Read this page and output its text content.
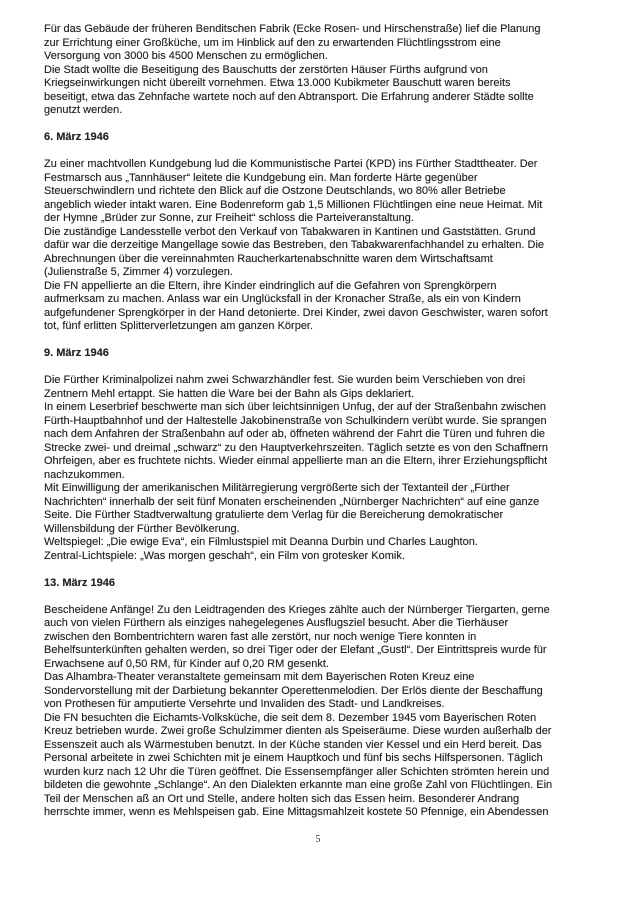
Für das Gebäude der früheren Benditschen Fabrik (Ecke Rosen- und Hirschenstraße) lief die Planung
zur Errichtung einer Großküche, um im Hinblick auf den zu erwartenden Flüchtlingsstrom eine
Versorgung von 3000 bis 4500 Menschen zu ermöglichen.
Die Stadt wollte die Beseitigung des Bauschutts der zerstörten Häuser Fürths aufgrund von
Kriegseinwirkungen nicht übereilt vornehmen. Etwa 13.000 Kubikmeter Bauschutt waren bereits
beseitigt, etwa das Zehnfache wartete noch auf den Abtransport. Die Erfahrung anderer Städte sollte
genutzt werden.
6. März 1946
Zu einer machtvollen Kundgebung lud die Kommunistische Partei (KPD) ins Fürther Stadttheater. Der
Festmarsch aus „Tannhäuser“ leitete die Kundgebung ein. Man forderte Härte gegenüber
Steuerschwindlern und richtete den Blick auf die Ostzone Deutschlands, wo 80% aller Betriebe
angeblich wieder intakt waren. Eine Bodenreform gab 1,5 Millionen Flüchtlingen eine neue Heimat. Mit
der Hymne „Brüder zur Sonne, zur Freiheit“ schloss die Parteiveranstaltung.
Die zuständige Landesstelle verbot den Verkauf von Tabakwaren in Kantinen und Gaststätten. Grund
dafür war die derzeitige Mangellage sowie das Bestreben, den Tabakwarenfachhandel zu erhalten. Die
Abrechnungen über die vereinnahmten Raucherkartenabschnitte waren dem Wirtschaftsamt
(Julienstraße 5, Zimmer 4) vorzulegen.
Die FN appellierte an die Eltern, ihre Kinder eindringlich auf die Gefahren von Sprengkörpern
aufmerksam zu machen. Anlass war ein Unglücksfall in der Kronacher Straße, als ein von Kindern
aufgefundener Sprengkörper in der Hand detonierte. Drei Kinder, zwei davon Geschwister, waren sofort
tot, fünf erlitten Splitterverletzungen am ganzen Körper.
9. März 1946
Die Fürther Kriminalpolizei nahm zwei Schwarzhändler fest. Sie wurden beim Verschieben von drei
Zentnern Mehl ertappt. Sie hatten die Ware bei der Bahn als Gips deklariert.
In einem Leserbrief beschwerte man sich über leichtsinnigen Unfug, der auf der Straßenbahn zwischen
Fürth-Hauptbahnhof und der Haltestelle Jakobinenstraße von Schulkindern verübt wurde. Sie sprangen
nach dem Anfahren der Straßenbahn auf oder ab, öffneten während der Fahrt die Türen und fuhren die
Strecke zwei- und dreimal „schwarz“ zu den Hauptverkehrszeiten. Täglich setzte es von den Schaffnern
Ohrfeigen, aber es fruchtete nichts. Wieder einmal appellierte man an die Eltern, ihrer Erziehungspflicht
nachzukommen.
Mit Einwilligung der amerikanischen Militärregierung vergrößerte sich der Textanteil der „Fürther
Nachrichten“ innerhalb der seit fünf Monaten erscheinenden „Nürnberger Nachrichten“ auf eine ganze
Seite. Die Fürther Stadtverwaltung gratulierte dem Verlag für die Bereicherung demokratischer
Willensbildung der Fürther Bevölkerung.
Weltspiegel: „Die ewige Eva“, ein Filmlustspiel mit Deanna Durbin und Charles Laughton.
Zentral-Lichtspiele: „Was morgen geschah“, ein Film von grotesker Komik.
13. März 1946
Bescheidene Anfänge! Zu den Leidtragenden des Krieges zählte auch der Nürnberger Tiergarten, gerne
auch von vielen Fürthern als einziges nahegelegenes Ausflugsziel besucht. Aber die Tierhäuser
zwischen den Bombentrichtern waren fast alle zerstört, nur noch wenige Tiere konnten in
Behelfsunterkünften gehalten werden, so drei Tiger oder der Elefant „Gustl“. Der Eintrittspreis wurde für
Erwachsene auf 0,50 RM, für Kinder auf 0,20 RM gesenkt.
Das Alhambra-Theater veranstaltete gemeinsam mit dem Bayerischen Roten Kreuz eine
Sondervorstellung mit der Darbietung bekannter Operettenmelodien. Der Erlös diente der Beschaffung
von Prothesen für amputierte Versehrte und Invaliden des Stadt- und Landkreises.
Die FN besuchten die Eichamts-Volksküche, die seit dem 8. Dezember 1945 vom Bayerischen Roten
Kreuz betrieben wurde. Zwei große Schulzimmer dienten als Speiseräume. Diese wurden außerhalb der
Essenszeit auch als Wärmestuben benutzt. In der Küche standen vier Kessel und ein Herd bereit. Das
Personal arbeitete in zwei Schichten mit je einem Hauptkoch und fünf bis sechs Hilfspersonen. Täglich
wurden kurz nach 12 Uhr die Türen geöffnet. Die Essensempfänger aller Schichten strömten herein und
bildeten die gewohnte „Schlange“. An den Dialekten erkannte man eine große Zahl von Flüchtlingen. Ein
Teil der Menschen aß an Ort und Stelle, andere holten sich das Essen heim. Besonderer Andrang
herrschte immer, wenn es Mehlspeisen gab. Eine Mittagsmahlzeit kostete 50 Pfennige, ein Abendessen
5
